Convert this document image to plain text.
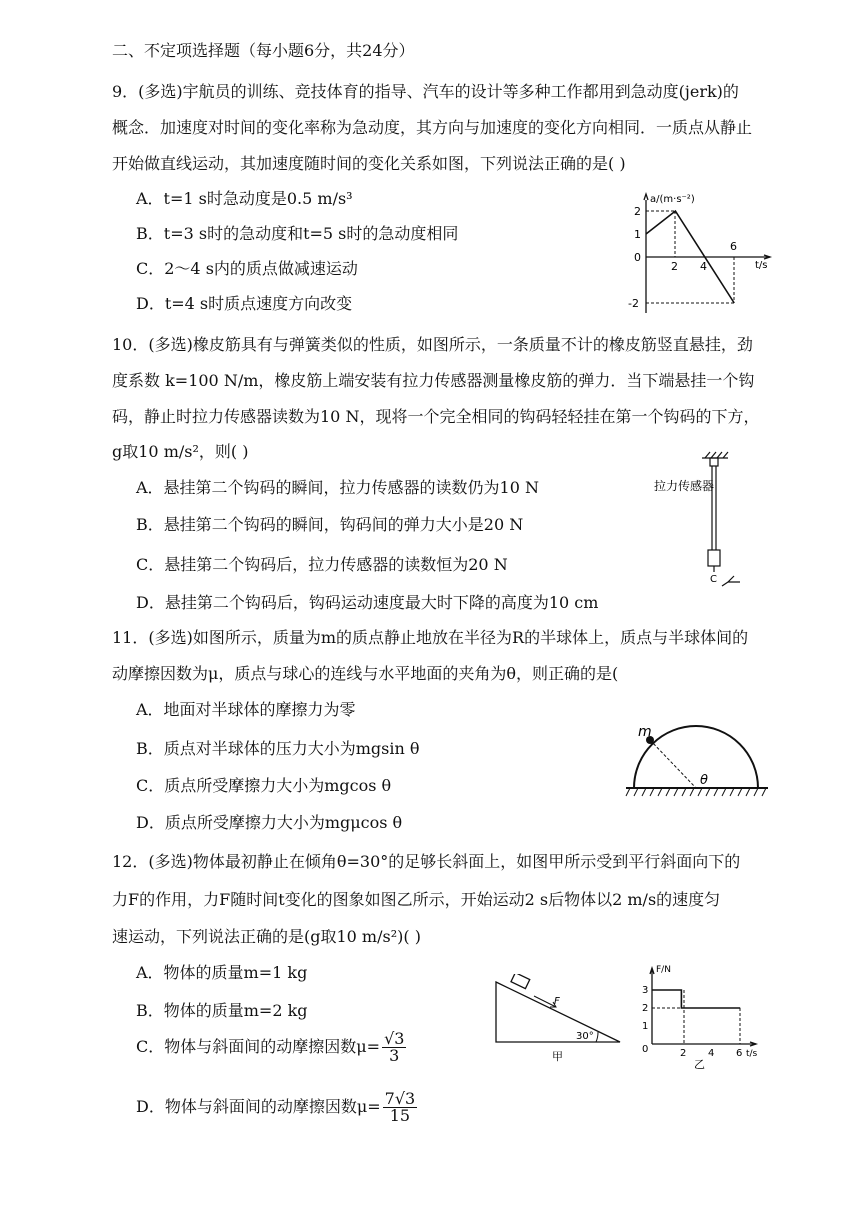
二、不定项选择题（每小题6分，共24分）
9．(多选)宇航员的训练、竞技体育的指导、汽车的设计等多种工作都用到急动度(jerk)的
概念．加速度对时间的变化率称为急动度，其方向与加速度的变化方向相同．一质点从静止
开始做直线运动，其加速度随时间的变化关系如图，下列说法正确的是( )
A．t=1 s时急动度是0.5 m/s³
B．t=3 s时的急动度和t=5 s时的急动度相同
C．2～4 s内的质点做减速运动
D．t=4 s时质点速度方向改变
a/(m·s⁻²)
t/s
2
1
0
-2
2 4
6
10．(多选)橡皮筋具有与弹簧类似的性质，如图所示，一条质量不计的橡皮筋竖直悬挂，劲
度系数 k=100 N/m，橡皮筋上端安装有拉力传感器测量橡皮筋的弹力．当下端悬挂一个钩
码，静止时拉力传感器读数为10 N，现将一个完全相同的钩码轻轻挂在第一个钩码的下方，
g取10 m/s²，则( )
A．悬挂第二个钩码的瞬间，拉力传感器的读数仍为10 N
B．悬挂第二个钩码的瞬间，钩码间的弹力大小是20 N
C．悬挂第二个钩码后，拉力传感器的读数恒为20 N
D．悬挂第二个钩码后，钩码运动速度最大时下降的高度为10 cm
拉力传感器
C
11．(多选)如图所示，质量为m的质点静止地放在半径为R的半球体上，质点与半球体间的
动摩擦因数为μ，质点与球心的连线与水平地面的夹角为θ，则正确的是(
A．地面对半球体的摩擦力为零
B．质点对半球体的压力大小为mgsin θ
C．质点所受摩擦力大小为mgcos θ
D．质点所受摩擦力大小为mgμcos θ
m
θ
12．(多选)物体最初静止在倾角θ=30°的足够长斜面上，如图甲所示受到平行斜面向下的
力F的作用，力F随时间t变化的图象如图乙所示，开始运动2 s后物体以2 m/s的速度匀
速运动，下列说法正确的是(g取10 m/s²)( )
A．物体的质量m=1 kg
B．物体的质量m=2 kg
C．物体与斜面间的动摩擦因数$\mu= \frac{√3}{3}$
D．物体与斜面间的动摩擦因数$\mu= \frac{7√3}{15}$
F
30°
甲
F/N
t/s
3
2
1
0	2 4 6
乙
